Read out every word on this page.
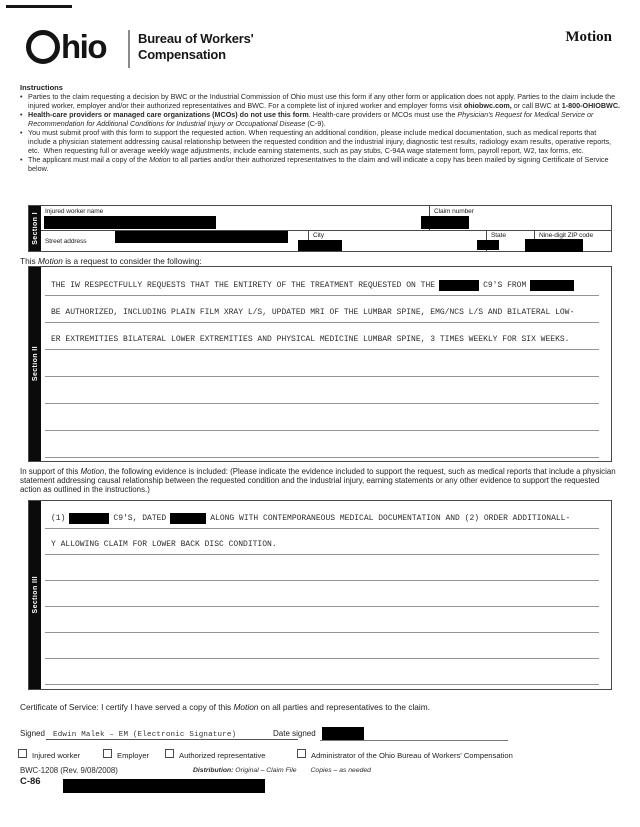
hio Bureau of Workers'
Compensation
Motion
Instructions
• Parties to the claim requesting a decision by BWC or the Industrial Commission of Ohio must use this form if any other form or application does not apply. Parties to the claim include the injured worker, employer and/or their authorized representatives and BWC. For a complete list of injured worker and employer forms visit ohiobwc.com, or call BWC at 1-800-OHIOBWC.
• Health-care providers or managed care organizations (MCOs) do not use this form. Health-care providers or MCOs must use the Physician's Request for Medical Service or Recommendation for Additional Conditions for Industrial Injury or Occupational Disease (C-9).
• You must submit proof with this form to support the requested action. When requesting an additional condition, please include medical documentation, such as medical reports that include a physician statement addressing causal relationship between the requested condition and the industrial injury, diagnostic test results, radiology exam results, operative reports, etc.  When requesting full or average weekly wage adjustments, include earning statements, such as pay stubs, C-94A wage statement form, payroll report, W2, tax forms, etc.
• The applicant must mail a copy of the Motion to all parties and/or their authorized representatives to the claim and will indicate a copy has been mailed by signing Certificate of Service below.
Section I
Injured worker name	Claim number
Street address
City	State	Nine-digit ZIP code
This Motion is a request to consider the following:
Section II
THE IW RESPECTFULLY REQUESTS THAT THE ENTIRETY OF THE TREATMENT REQUESTED ON THE	C9'S FROM
BE AUTHORIZED, INCLUDING PLAIN FILM XRAY L/S, UPDATED MRI OF THE LUMBAR SPINE, EMG/NCS L/S AND BILATERAL LOW-
ER EXTREMITIES BILATERAL LOWER EXTREMITIES AND PHYSICAL MEDICINE LUMBAR SPINE, 3 TIMES WEEKLY FOR SIX WEEKS.
In support of this Motion, the following evidence is included: (Please indicate the evidence included to support the request, such as medical reports that include a physician statement addressing causal relationship between the requested condition and the industrial injury, earning statements or any other evidence to support the requested action as outlined in the instructions.)
Section III
(1)	C9'S, DATED	ALONG WITH CONTEMPORANEOUS MEDICAL DOCUMENTATION AND (2) ORDER ADDITIONALL-
Y ALLOWING CLAIM FOR LOWER BACK DISC CONDITION.
Certificate of Service: I certify I have served a copy of this Motion on all parties and representatives to the claim.
Signed Edwin Malek – EM (Electronic Signature)	Date signed
Injured worker	Employer	Authorized representative	Administrator of the Ohio Bureau of Workers' Compensation
BWC-1208 (Rev. 9/08/2008)	Distribution: Original – Claim File Copies – as needed
C-86
